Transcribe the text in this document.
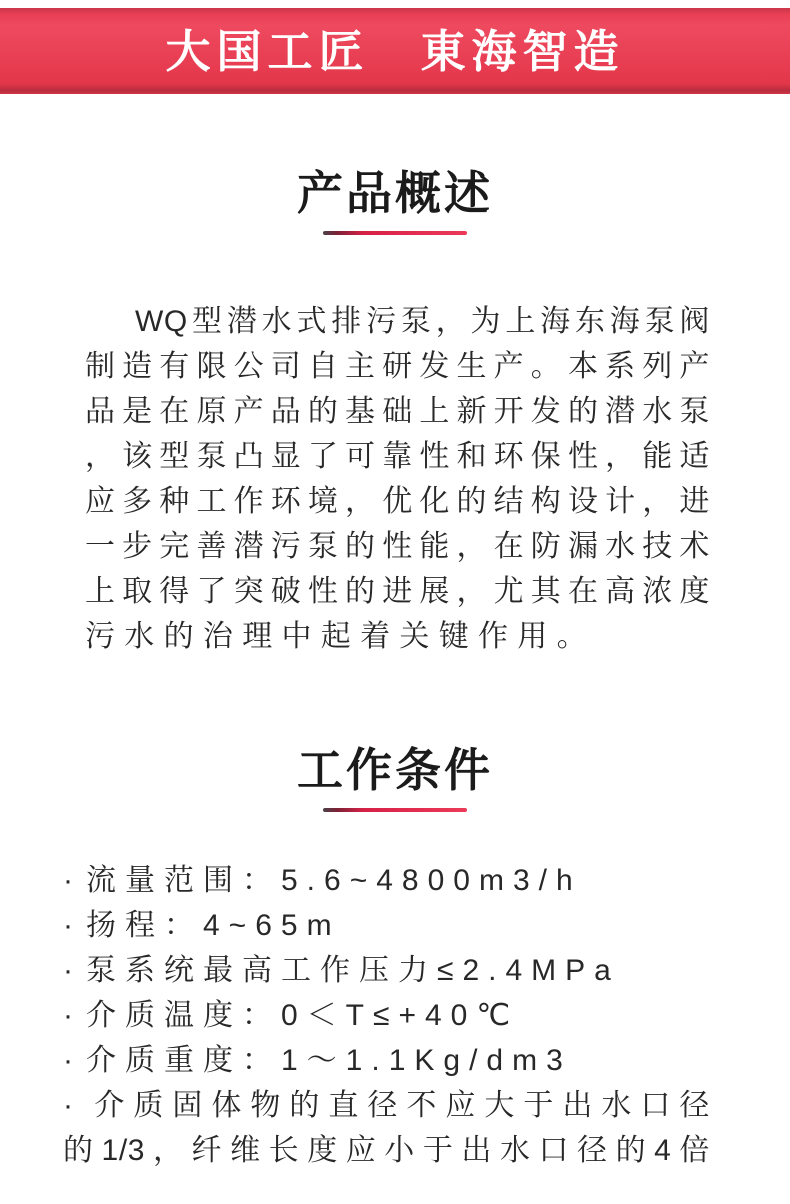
大国工匠　東海智造
产品概述
WQ型潜水式排污泵，为上海东海泵阀
制造有限公司自主研发生产。本系列产
品是在原产品的基础上新开发的潜水泵
，该型泵凸显了可靠性和环保性，能适
应多种工作环境，优化的结构设计，进
一步完善潜污泵的性能，在防漏水技术
上取得了突破性的进展，尤其在高浓度
污水的治理中起着关键作用。
工作条件
· 流量范围：5.6~4800m3/h
· 扬程：4~65m
· 泵系统最高工作压力≤2.4MPa
· 介质温度：0＜T≤+40℃
· 介质重度：1～1.1Kg/dm3
· 介质固体物的直径不应大于出水口径
的1/3，纤维长度应小于出水口径的4倍
